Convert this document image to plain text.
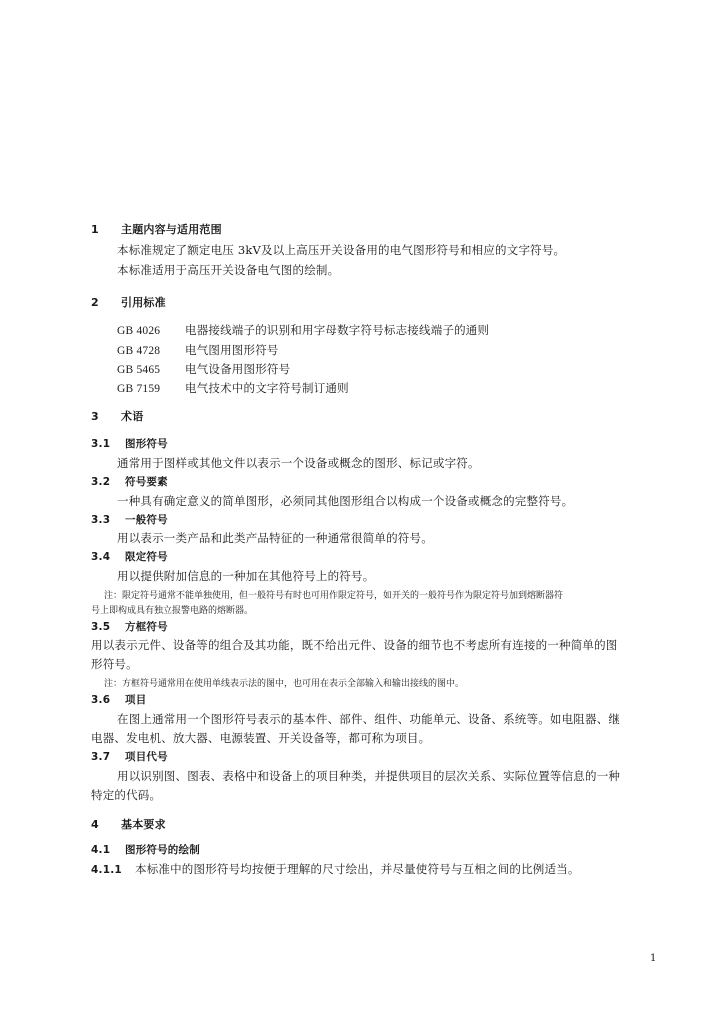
1 主题内容与适用范围
本标准规定了额定电压 3kV及以上高压开关设备用的电气图形符号和相应的文字符号。
本标准适用于高压开关设备电气图的绘制。
2 引用标准
GB 4026 电器接线端子的识别和用字母数字符号标志接线端子的通则
GB 4728 电气图用图形符号
GB 5465 电气设备用图形符号
GB 7159 电气技术中的文字符号制订通则
3 术语
3.1 图形符号
通常用于图样或其他文件以表示一个设备或概念的图形、标记或字符。
3.2 符号要素
一种具有确定意义的简单图形，必须同其他图形组合以构成一个设备或概念的完整符号。
3.3 一般符号
用以表示一类产品和此类产品特征的一种通常很简单的符号。
3.4 限定符号
用以提供附加信息的一种加在其他符号上的符号。
注：限定符号通常不能单独使用，但一般符号有时也可用作限定符号，如开关的一般符号作为限定符号加到熔断器符
号上即构成具有独立报警电路的熔断器。
3.5 方框符号
用以表示元件、设备等的组合及其功能，既不给出元件、设备的细节也不考虑所有连接的一种简单的图
形符号。
注：方框符号通常用在使用单线表示法的图中，也可用在表示全部输入和输出接线的图中。
3.6 项目
在图上通常用一个图形符号表示的基本件、部件、组件、功能单元、设备、系统等。如电阻器、继
电器、发电机、放大器、电源装置、开关设备等，都可称为项目。
3.7 项目代号
用以识别图、图表、表格中和设备上的项目种类，并提供项目的层次关系、实际位置等信息的一种
特定的代码。
4 基本要求
4.1 图形符号的绘制
4.1.1 本标准中的图形符号均按便于理解的尺寸绘出，并尽量使符号与互相之间的比例适当。
1
